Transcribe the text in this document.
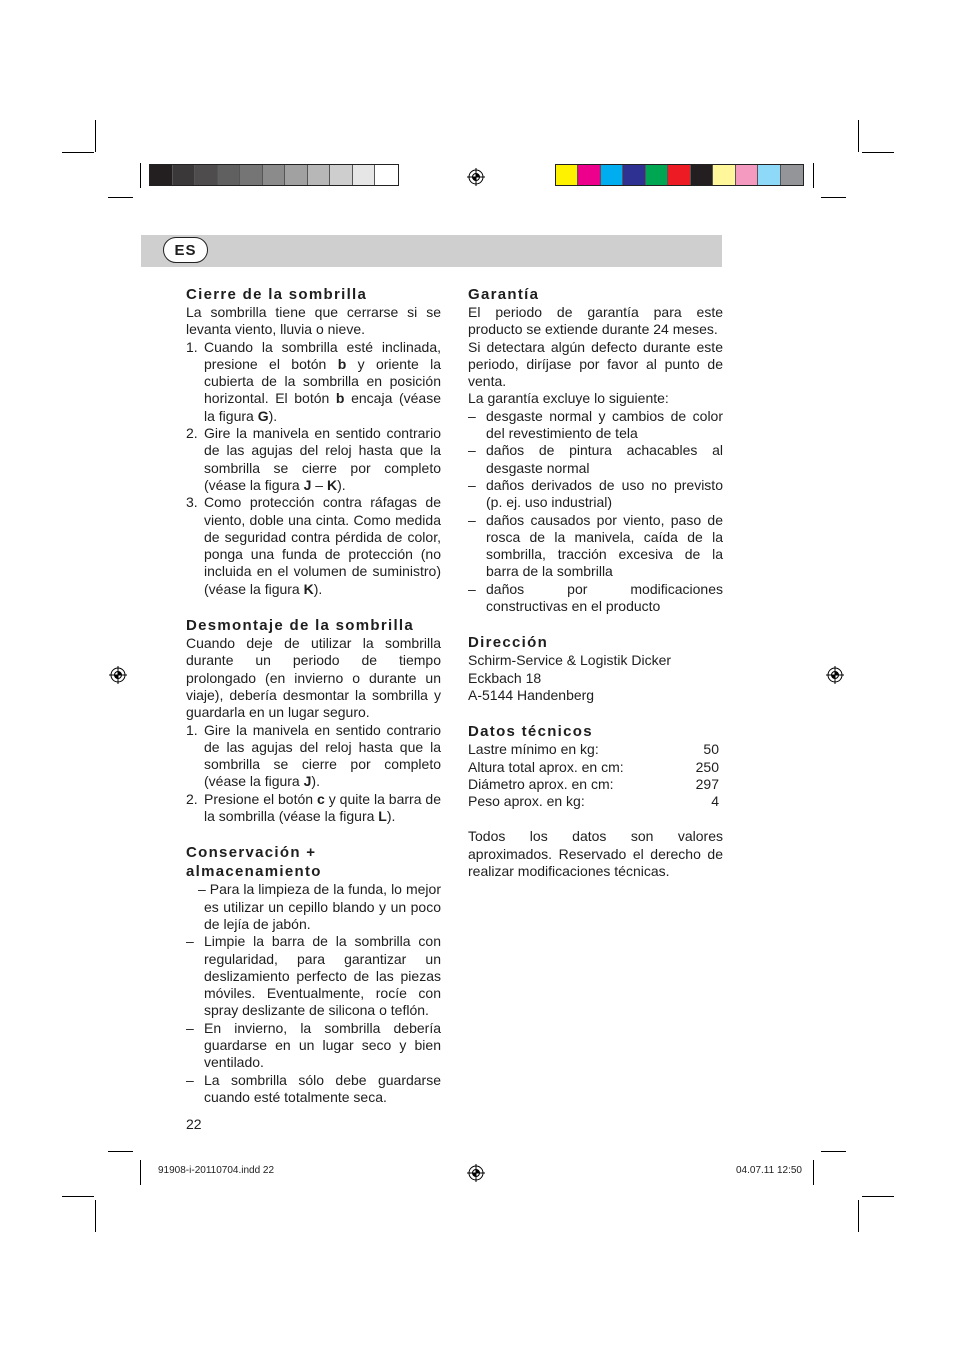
ES
Cierre de la sombrilla

La sombrilla tiene que cerrarse si se levanta viento, lluvia o nieve.

1. Cuando la sombrilla esté inclinada, presione el botón b y oriente la cubierta de la sombrilla en posición horizontal. El botón b encaja (véase la figura G).
2. Gire la manivela en sentido contrario de las agujas del reloj hasta que la sombrilla se cierre por completo (véase la figura J – K).
3. Como protección contra ráfagas de viento, doble una cinta. Como medida de seguridad contra pérdida de color, ponga una funda de protección (no incluida en el volumen de suministro) (véase la figura K).
Desmontaje de la sombrilla

Cuando deje de utilizar la sombrilla durante un periodo de tiempo prolongado (en invierno o durante un viaje), debería desmontar la sombrilla y guardarla en un lugar seguro.

1. Gire la manivela en sentido contrario de las agujas del reloj hasta que la sombrilla se cierre por completo (véase la figura J).
2. Presione el botón c y quite la barra de la sombrilla (véase la figura L).
Conservación + almacenamiento

– Para la limpieza de la funda, lo mejor es utilizar un cepillo blando y un poco de lejía de jabón.

– Limpie la barra de la sombrilla con regularidad, para garantizar un deslizamiento perfecto de las piezas móviles. Eventualmente, rocíe con spray deslizante de silicona o teflón.
– En invierno, la sombrilla debería guardarse en un lugar seco y bien ventilado.
– La sombrilla sólo debe guardarse cuando esté totalmente seca.
Garantía

El periodo de garantía para este producto se extiende durante 24 meses.

Si detectara algún defecto durante este periodo, diríjase por favor al punto de venta.

La garantía excluye lo siguiente:

– desgaste normal y cambios de color del revestimiento de tela
– daños de pintura achacables al desgaste normal
– daños derivados de uso no previsto (p. ej. uso industrial)
– daños causados por viento, paso de rosca de la manivela, caída de la sombrilla, tracción excesiva de la barra de la sombrilla
– daños por modificaciones constructivas en el producto
Dirección
Schirm-Service & Logistik Dicker
Eckbach 18
A-5144 Handenberg
Datos técnicos
Lastre mínimo en kg:	50
Altura total aprox. en cm:	250
Diámetro aprox. en cm:	297
Peso aprox. en kg:	4

Todos los datos son valores aproximados. Reservado el derecho de realizar modificaciones técnicas.

22
91908-i-20110704.indd 22	04.07.11 12:50
